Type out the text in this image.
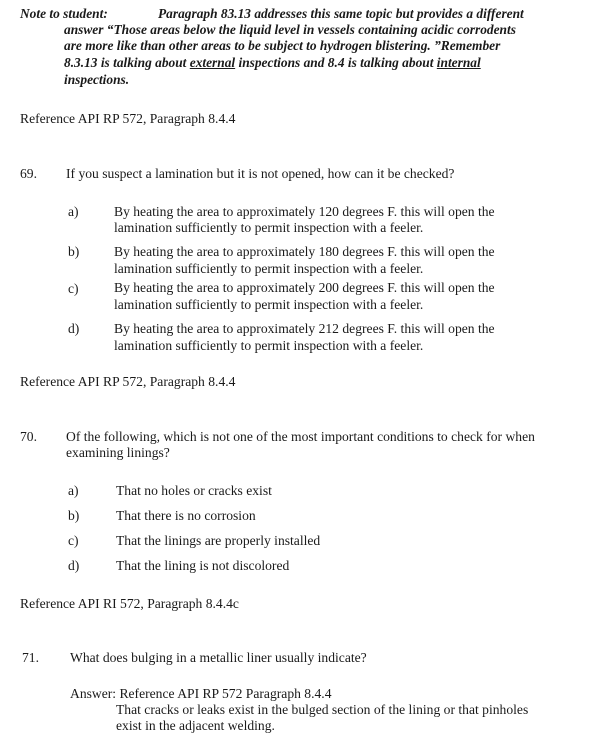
Note to student:	Paragraph 83.13 addresses this same topic but provides a different
answer “Those areas below the liquid level in vessels containing acidic corrodents
are more like than other areas to be subject to hydrogen blistering. ”Remember
8.3.13 is talking about external inspections and 8.4 is talking about internal
inspections.
Reference API RP 572, Paragraph 8.4.4
69. If you suspect a lamination but it is not opened, how can it be checked?
a)	By heating the area to approximately 120 degrees F. this will open the
lamination sufficiently to permit inspection with a feeler.
b)	By heating the area to approximately 180 degrees F. this will open the
lamination sufficiently to permit inspection with a feeler.
c)	By heating the area to approximately 200 degrees F. this will open the
lamination sufficiently to permit inspection with a feeler.
d)	By heating the area to approximately 212 degrees F. this will open the
lamination sufficiently to permit inspection with a feeler.
Reference API RP 572, Paragraph 8.4.4
70. Of the following, which is not one of the most important conditions to check for when
examining linings?
a)	That no holes or cracks exist
b)	That there is no corrosion
c)	That the linings are properly installed
d)	That the lining is not discolored
Reference API RI 572, Paragraph 8.4.4c
71. What does bulging in a metallic liner usually indicate?
Answer: Reference API RP 572 Paragraph 8.4.4
That cracks or leaks exist in the bulged section of the lining or that pinholes
exist in the adjacent welding.
